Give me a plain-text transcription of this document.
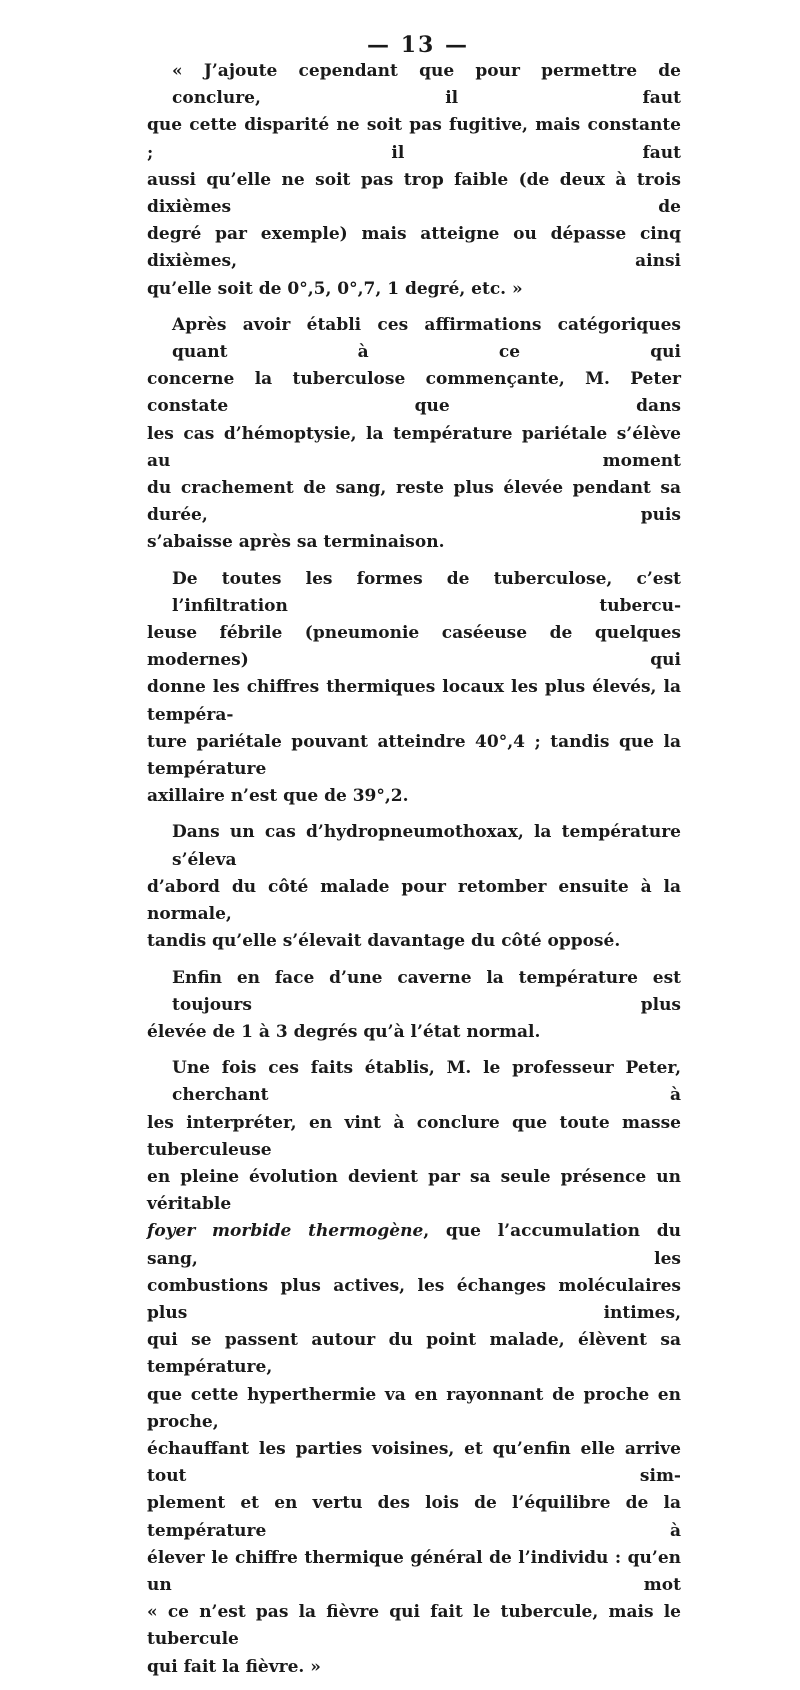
— 13 —
« J’ajoute cependant que pour permettre de conclure, il faut
que cette disparité ne soit pas fugitive, mais constante ; il faut
aussi qu’elle ne soit pas trop faible (de deux à trois dixièmes de
degré par exemple) mais atteigne ou dépasse cinq dixièmes, ainsi
qu’elle soit de 0°,5, 0°,7, 1 degré, etc. »
Après avoir établi ces affirmations catégoriques quant à ce qui
concerne la tuberculose commençante, M. Peter constate que dans
les cas d’hémoptysie, la température pariétale s’élève au moment
du crachement de sang, reste plus élevée pendant sa durée, puis
s’abaisse après sa terminaison.
De toutes les formes de tuberculose, c’est l’infiltration tubercu-
leuse fébrile (pneumonie caséeuse de quelques modernes) qui
donne les chiffres thermiques locaux les plus élevés, la tempéra-
ture pariétale pouvant atteindre 40°,4 ; tandis que la température
axillaire n’est que de 39°,2.
Dans un cas d’hydropneumothoxax, la température s’éleva
d’abord du côté malade pour retomber ensuite à la normale,
tandis qu’elle s’élevait davantage du côté opposé.
Enfin en face d’une caverne la température est toujours plus
élevée de 1 à 3 degrés qu’à l’état normal.
Une fois ces faits établis, M. le professeur Peter, cherchant à
les interpréter, en vint à conclure que toute masse tuberculeuse
en pleine évolution devient par sa seule présence un véritable
foyer morbide thermogène, que l’accumulation du sang, les
combustions plus actives, les échanges moléculaires plus intimes,
qui se passent autour du point malade, élèvent sa température,
que cette hyperthermie va en rayonnant de proche en proche,
échauffant les parties voisines, et qu’enfin elle arrive tout sim-
plement et en vertu des lois de l’équilibre de la température à
élever le chiffre thermique général de l’individu : qu’en un mot
« ce n’est pas la fièvre qui fait le tubercule, mais le tubercule
qui fait la fièvre. »
